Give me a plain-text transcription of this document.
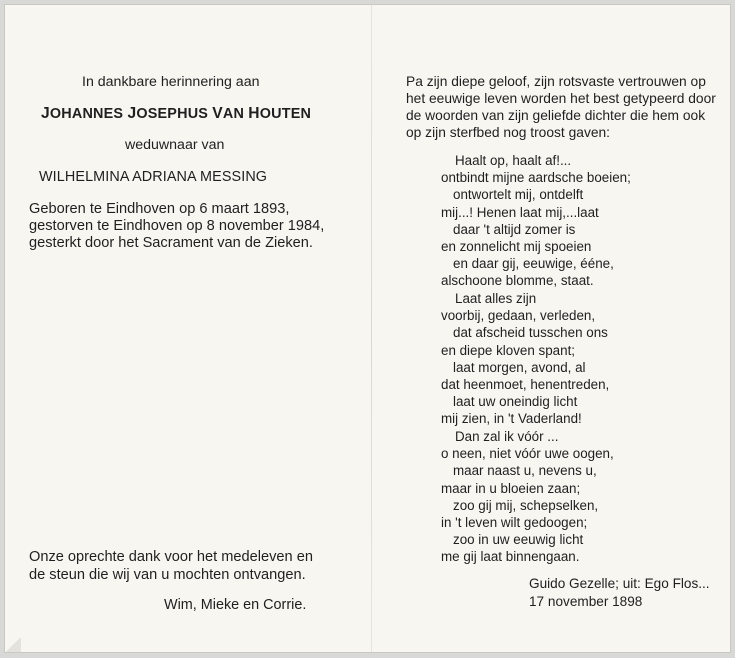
In dankbare herinnering aan
JOHANNES JOSEPHUS VAN HOUTEN
weduwnaar van
WILHELMINA ADRIANA MESSING
Geboren te Eindhoven op 6 maart 1893,
gestorven te Eindhoven op 8 november 1984,
gesterkt door het Sacrament van de Zieken.
Onze oprechte dank voor het medeleven en
de steun die wij van u mochten ontvangen.
Wim, Mieke en Corrie.
Pa zijn diepe geloof, zijn rotsvaste vertrouwen op
het eeuwige leven worden het best getypeerd door
de woorden van zijn geliefde dichter die hem ook
op zijn sterfbed nog troost gaven:
Haalt op, haalt af!...
ontbindt mijne aardsche boeien;
ontwortelt mij, ontdelft
mij...! Henen laat mij,...laat
daar 't altijd zomer is
en zonnelicht mij spoeien
en daar gij, eeuwige, éénе,
alschoone blomme, staat.
Laat alles zijn
voorbij, gedaan, verleden,
dat afscheid tusschen ons
en diepe kloven spant;
laat morgen, avond, al
dat heenmoet, henentreden,
laat uw oneindig licht
mij zien, in 't Vaderland!
Dan zal ik vóór ...
o neen, niet vóór uwe oogen,
maar naast u, nevens u,
maar in u bloeien zaan;
zoo gij mij, schepselken,
in 't leven wilt gedoogen;
zoo in uw eeuwig licht
me gij laat binnengaan.
Guido Gezelle; uit: Ego Flos...
17 november 1898
